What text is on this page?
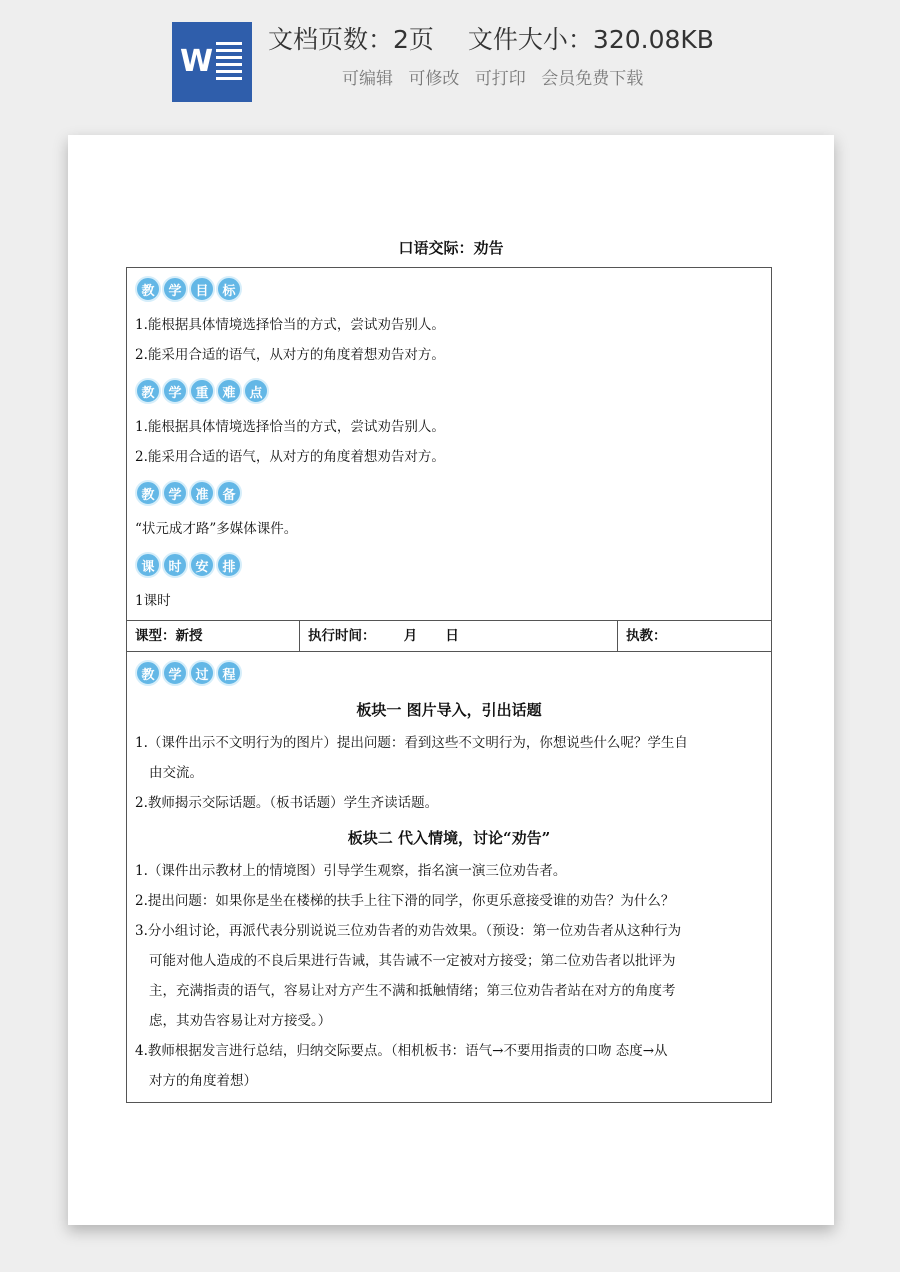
W
文档页数：2页 文件大小：320.08KB
可编辑 可修改 可打印 会员免费下载
口语交际：劝告
教	学	目	标
1.能根据具体情境选择恰当的方式，尝试劝告别人。
2.能采用合适的语气，从对方的角度着想劝告对方。
教	学	重	难	点
1.能根据具体情境选择恰当的方式，尝试劝告别人。
2.能采用合适的语气，从对方的角度着想劝告对方。
教	学	准	备
“状元成才路”多媒体课件。
课	时	安	排
1课时
课型：新授	执行时间：      月      日	执教：
教	学	过	程
板块一 图片导入，引出话题
1.（课件出示不文明行为的图片）提出问题：看到这些不文明行为，你想说些什么呢？学生自
由交流。
2.教师揭示交际话题。（板书话题）学生齐读话题。
板块二 代入情境，讨论“劝告”
1.（课件出示教材上的情境图）引导学生观察，指名演一演三位劝告者。
2.提出问题：如果你是坐在楼梯的扶手上往下滑的同学，你更乐意接受谁的劝告？为什么？
3.分小组讨论，再派代表分别说说三位劝告者的劝告效果。（预设：第一位劝告者从这种行为
可能对他人造成的不良后果进行告诫，其告诫不一定被对方接受；第二位劝告者以批评为
主，充满指责的语气，容易让对方产生不满和抵触情绪；第三位劝告者站在对方的角度考
虑，其劝告容易让对方接受。）
4.教师根据发言进行总结，归纳交际要点。（相机板书：语气→不要用指责的口吻 态度→从
对方的角度着想）
